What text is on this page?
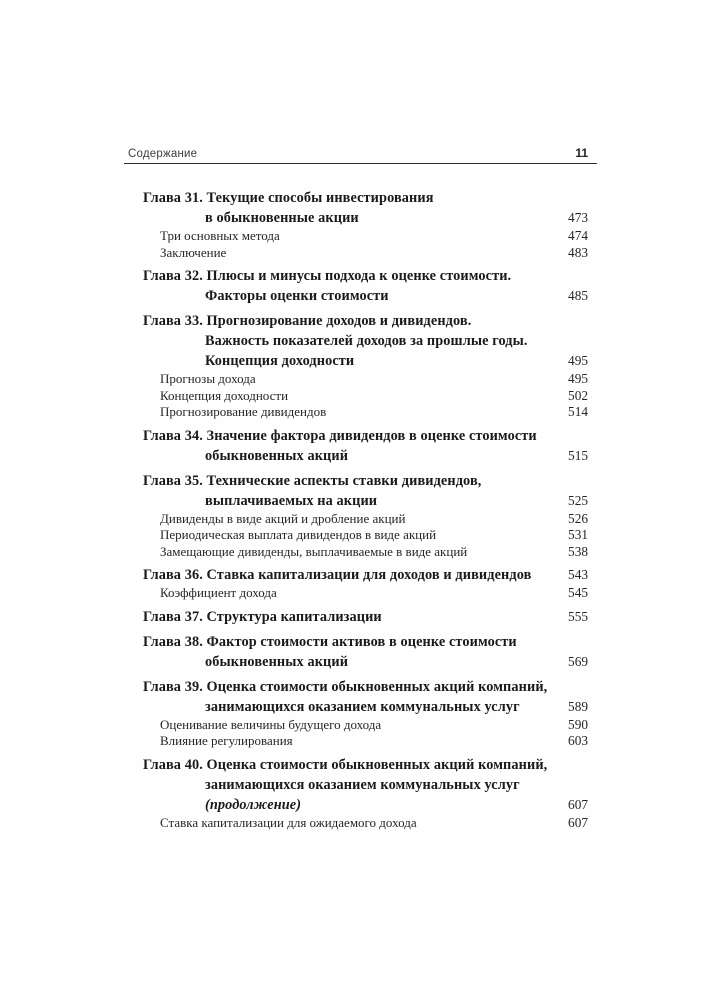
Содержание	11
Глава 31. Текущие способы инвестирования
в обыкновенные акции	473
Три основных метода	474
Заключение	483
Глава 32. Плюсы и минусы подхода к оценке стоимости.
Факторы оценки стоимости	485
Глава 33. Прогнозирование доходов и дивидендов.
Важность показателей доходов за прошлые годы.
Концепция доходности	495
Прогнозы дохода	495
Концепция доходности	502
Прогнозирование дивидендов	514
Глава 34. Значение фактора дивидендов в оценке стоимости
обыкновенных акций	515
Глава 35. Технические аспекты ставки дивидендов,
выплачиваемых на акции	525
Дивиденды в виде акций и дробление акций	526
Периодическая выплата дивидендов в виде акций	531
Замещающие дивиденды, выплачиваемые в виде акций	538
Глава 36. Ставка капитализации для доходов и дивидендов	543
Коэффициент дохода	545
Глава 37. Структура капитализации	555
Глава 38. Фактор стоимости активов в оценке стоимости
обыкновенных акций	569
Глава 39. Оценка стоимости обыкновенных акций компаний,
занимающихся оказанием коммунальных услуг	589
Оценивание величины будущего дохода	590
Влияние регулирования	603
Глава 40. Оценка стоимости обыкновенных акций компаний,
занимающихся оказанием коммунальных услуг
(продолжение)	607
Ставка капитализации для ожидаемого дохода	607
